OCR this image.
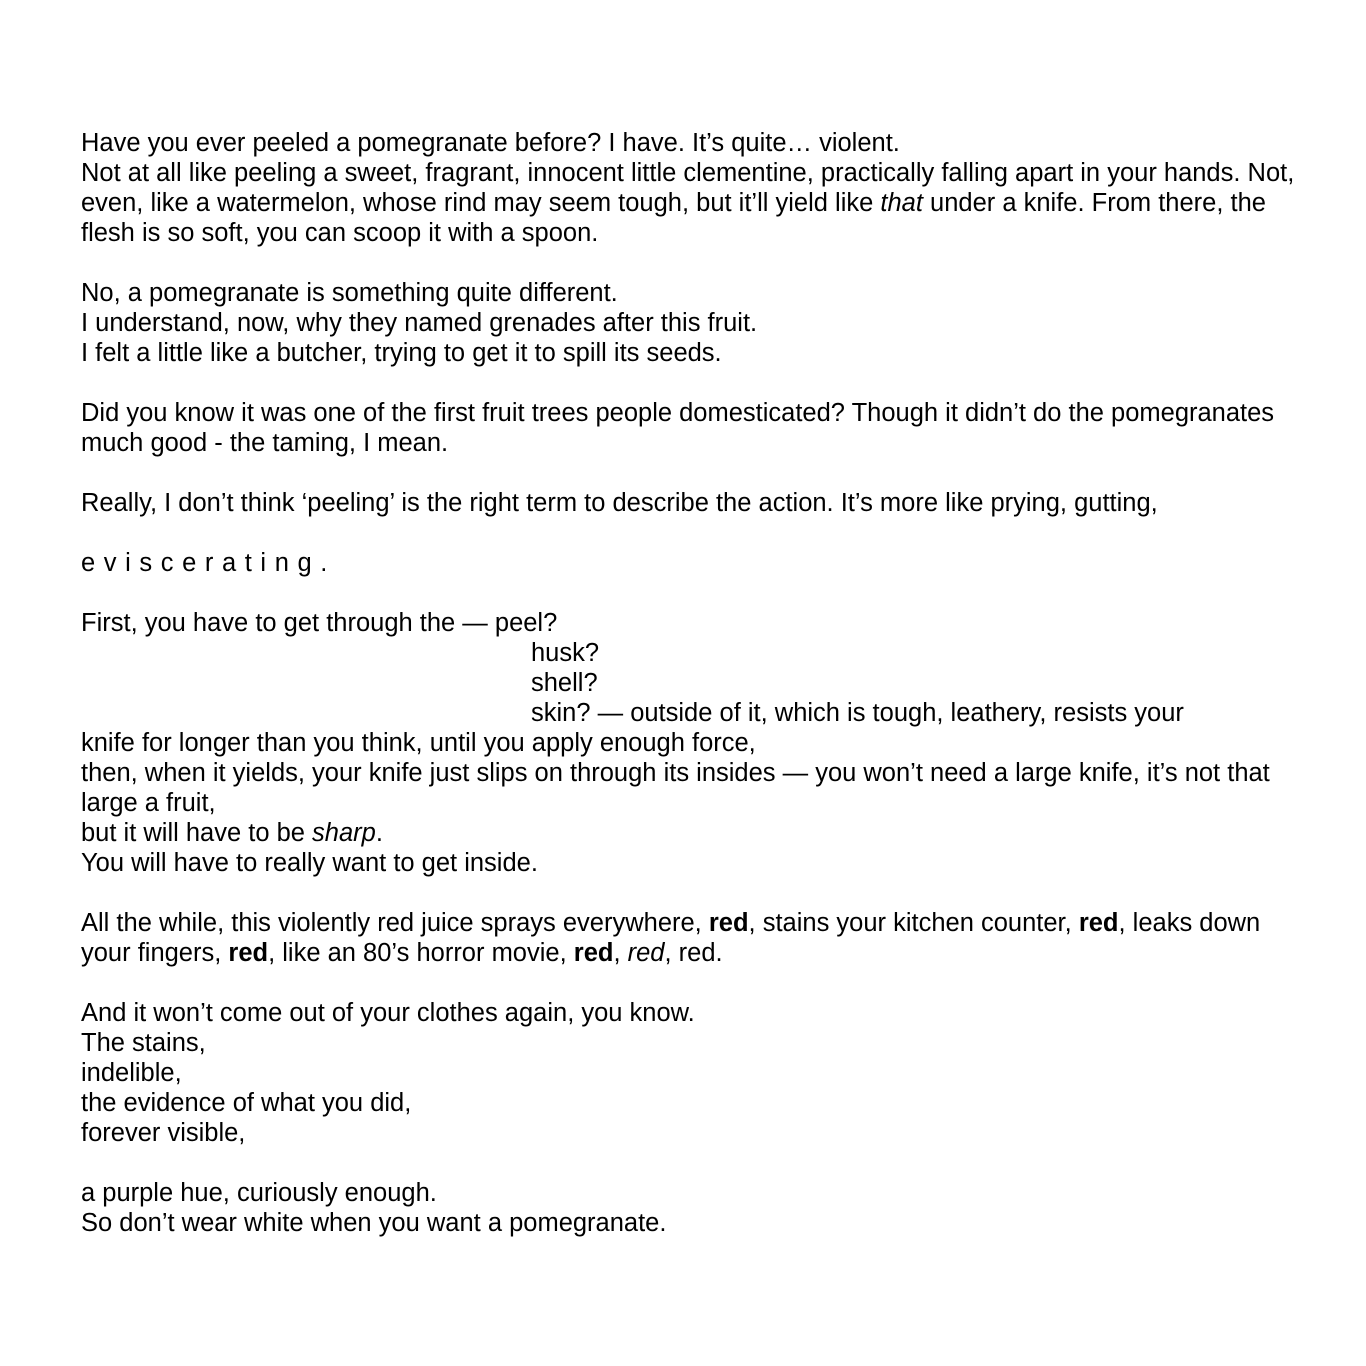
Have you ever peeled a pomegranate before? I have. It’s quite… violent.
Not at all like peeling a sweet, fragrant, innocent little clementine, practically falling apart in your hands. Not, even, like a watermelon, whose rind may seem tough, but it’ll yield like that under a knife. From there, the flesh is so soft, you can scoop it with a spoon.
No, a pomegranate is something quite different.
I understand, now, why they named grenades after this fruit.
I felt a little like a butcher, trying to get it to spill its seeds.
Did you know it was one of the first fruit trees people domesticated? Though it didn’t do the pomegranates much good - the taming, I mean.
Really, I don’t think ‘peeling’ is the right term to describe the action. It’s more like prying, gutting,
eviscerating.
First, you have to get through the — peel?
husk?
shell?
skin? — outside of it, which is tough, leathery, resists your
knife for longer than you think, until you apply enough force,
then, when it yields, your knife just slips on through its insides — you won’t need a large knife, it’s not that large a fruit,
but it will have to be sharp.
You will have to really want to get inside.
All the while, this violently red juice sprays everywhere, red, stains your kitchen counter, red, leaks down your fingers, red, like an 80’s horror movie, red, red, red.
And it won’t come out of your clothes again, you know.
The stains,
indelible,
the evidence of what you did,
forever visible,
a purple hue, curiously enough.
So don’t wear white when you want a pomegranate.
